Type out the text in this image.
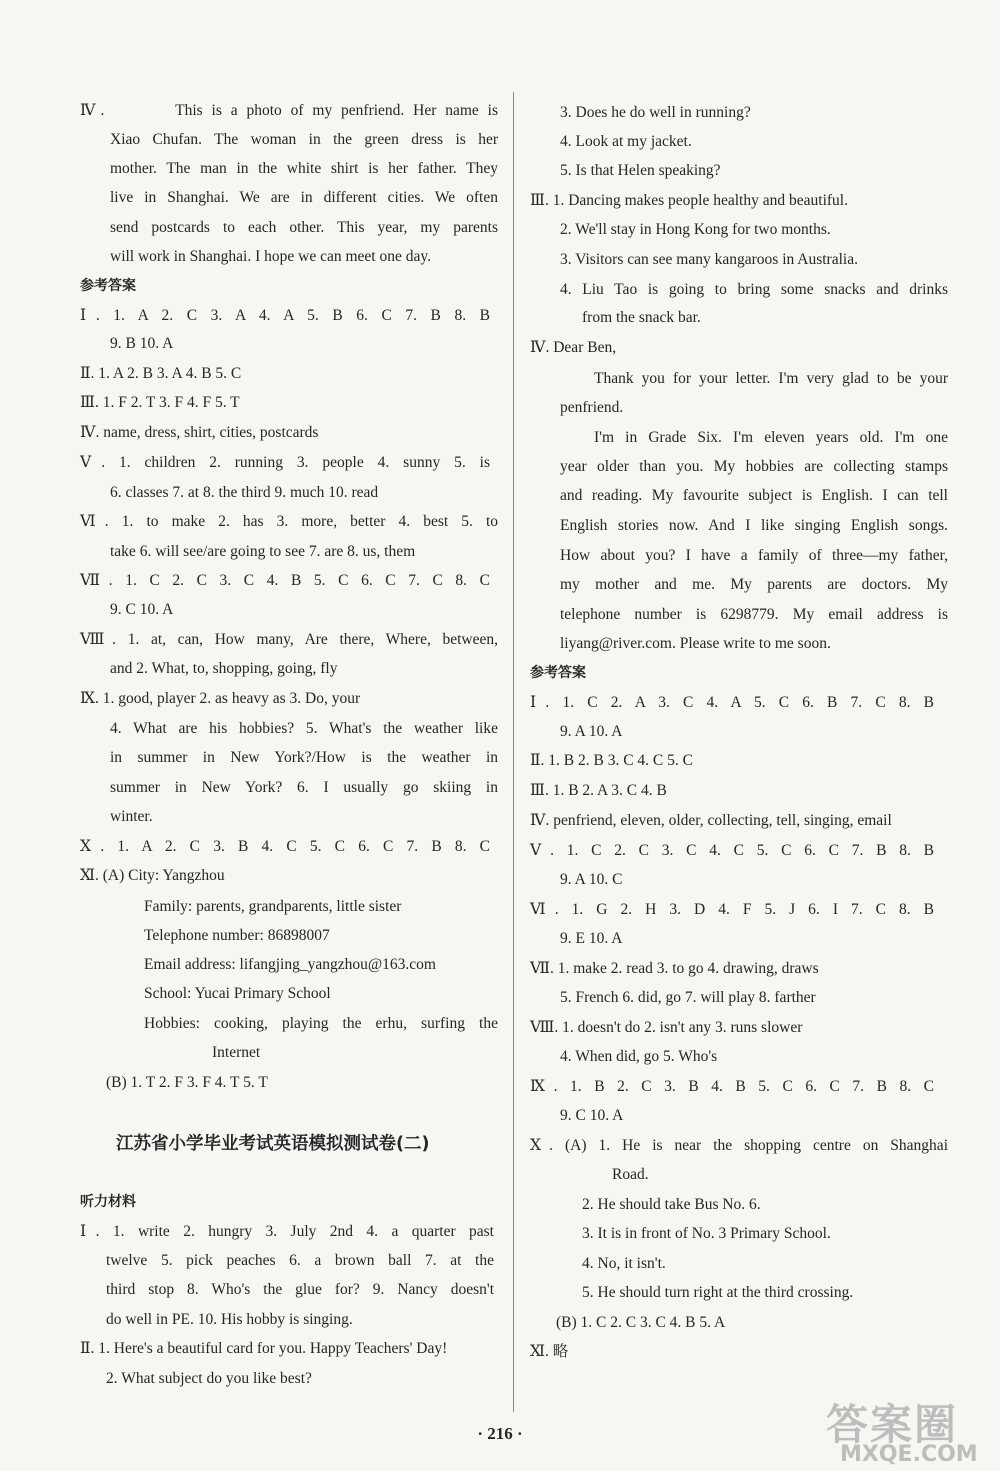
Ⅳ.        This is a photo of my penfriend. Her name is
Xiao Chufan. The woman in the green dress is her
mother. The man in the white shirt is her father. They
live in Shanghai. We are in different cities. We often
send postcards to each other. This year, my parents
will work in Shanghai. I hope we can meet one day.
参考答案
Ⅰ. 1. A 2. C 3. A 4. A 5. B 6. C 7. B 8. B
9. B 10. A
Ⅱ. 1. A 2. B 3. A 4. B 5. C
Ⅲ. 1. F 2. T 3. F 4. F 5. T
Ⅳ. name, dress, shirt, cities, postcards
Ⅴ. 1. children 2. running 3. people 4. sunny 5. is
6. classes 7. at 8. the third 9. much 10. read
Ⅵ. 1. to make 2. has 3. more, better 4. best 5. to
take 6. will see/are going to see 7. are 8. us, them
Ⅶ. 1. C 2. C 3. C 4. B 5. C 6. C 7. C 8. C
9. C 10. A
Ⅷ. 1. at, can, How many, Are there, Where, between,
and 2. What, to, shopping, going, fly
Ⅸ. 1. good, player 2. as heavy as 3. Do, your
4. What are his hobbies? 5. What's the weather like
in summer in New York?/How is the weather in
summer in New York? 6. I usually go skiing in
winter.
Ⅹ. 1. A 2. C 3. B 4. C 5. C 6. C 7. B 8. C
Ⅺ. (A) City: Yangzhou
Family: parents, grandparents, little sister
Telephone number: 86898007
Email address: lifangjing_yangzhou@163.com
School: Yucai Primary School
Hobbies: cooking, playing the erhu, surfing the
Internet
(B) 1. T 2. F 3. F 4. T 5. T
江苏省小学毕业考试英语模拟测试卷(二)
听力材料
Ⅰ. 1. write 2. hungry 3. July 2nd 4. a quarter past
twelve 5. pick peaches 6. a brown ball 7. at the
third stop 8. Who's the glue for? 9. Nancy doesn't
do well in PE. 10. His hobby is singing.
Ⅱ. 1. Here's a beautiful card for you. Happy Teachers' Day!
2. What subject do you like best?
3. Does he do well in running?
4. Look at my jacket.
5. Is that Helen speaking?
Ⅲ. 1. Dancing makes people healthy and beautiful.
2. We'll stay in Hong Kong for two months.
3. Visitors can see many kangaroos in Australia.
4. Liu Tao is going to bring some snacks and drinks
from the snack bar.
Ⅳ. Dear Ben,
Thank you for your letter. I'm very glad to be your
penfriend.
I'm in Grade Six. I'm eleven years old. I'm one
year older than you. My hobbies are collecting stamps
and reading. My favourite subject is English. I can tell
English stories now. And I like singing English songs.
How about you? I have a family of three—my father,
my mother and me. My parents are doctors. My
telephone number is 6298779. My email address is
liyang@river.com. Please write to me soon.
参考答案
Ⅰ. 1. C 2. A 3. C 4. A 5. C 6. B 7. C 8. B
9. A 10. A
Ⅱ. 1. B 2. B 3. C 4. C 5. C
Ⅲ. 1. B 2. A 3. C 4. B
Ⅳ. penfriend, eleven, older, collecting, tell, singing, email
Ⅴ. 1. C 2. C 3. C 4. C 5. C 6. C 7. B 8. B
9. A 10. C
Ⅵ. 1. G 2. H 3. D 4. F 5. J 6. I 7. C 8. B
9. E 10. A
Ⅶ. 1. make 2. read 3. to go 4. drawing, draws
5. French 6. did, go 7. will play 8. farther
Ⅷ. 1. doesn't do 2. isn't any 3. runs slower
4. When did, go 5. Who's
Ⅸ. 1. B 2. C 3. B 4. B 5. C 6. C 7. B 8. C
9. C 10. A
Ⅹ. (A) 1. He is near the shopping centre on Shanghai
Road.
2. He should take Bus No. 6.
3. It is in front of No. 3 Primary School.
4. No, it isn't.
5. He should turn right at the third crossing.
(B) 1. C 2. C 3. C 4. B 5. A
Ⅺ. 略
· 216 ·	答案圈
MXQE.COM
